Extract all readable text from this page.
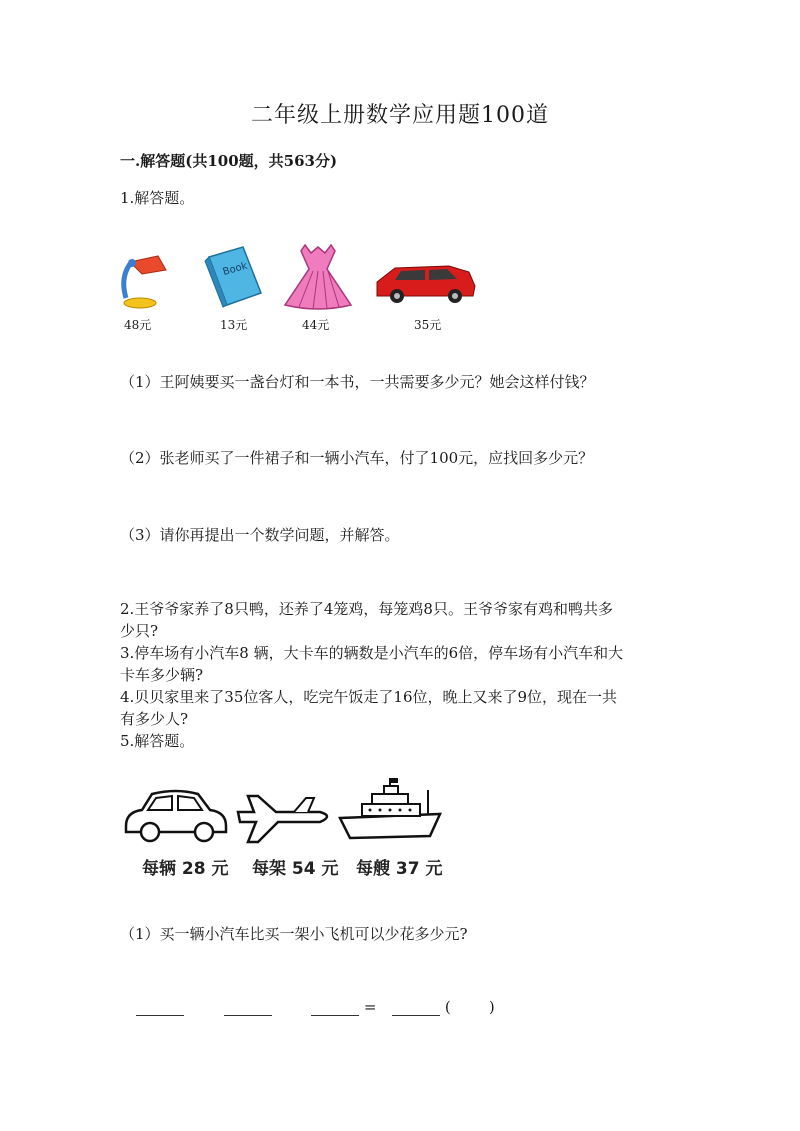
二年级上册数学应用题100道
一.解答题(共100题，共563分)
1.解答题。
Book
48元	13元	44元	35元
（1）王阿姨要买一盏台灯和一本书，一共需要多少元？她会这样付钱？
（2）张老师买了一件裙子和一辆小汽车，付了100元，应找回多少元？
（3）请你再提出一个数学问题，并解答。
2.王爷爷家养了8只鸭，还养了4笼鸡，每笼鸡8只。王爷爷家有鸡和鸭共多
少只?
3.停车场有小汽车8 辆，大卡车的辆数是小汽车的6倍，停车场有小汽车和大
卡车多少辆?
4.贝贝家里来了35位客人，吃完午饭走了16位，晚上又来了9位，现在一共
有多少人?
5.解答题。
每辆 28 元 每架 54 元 每艘 37 元
（1）买一辆小汽车比买一架小飞机可以少花多少元?
=	(        )
